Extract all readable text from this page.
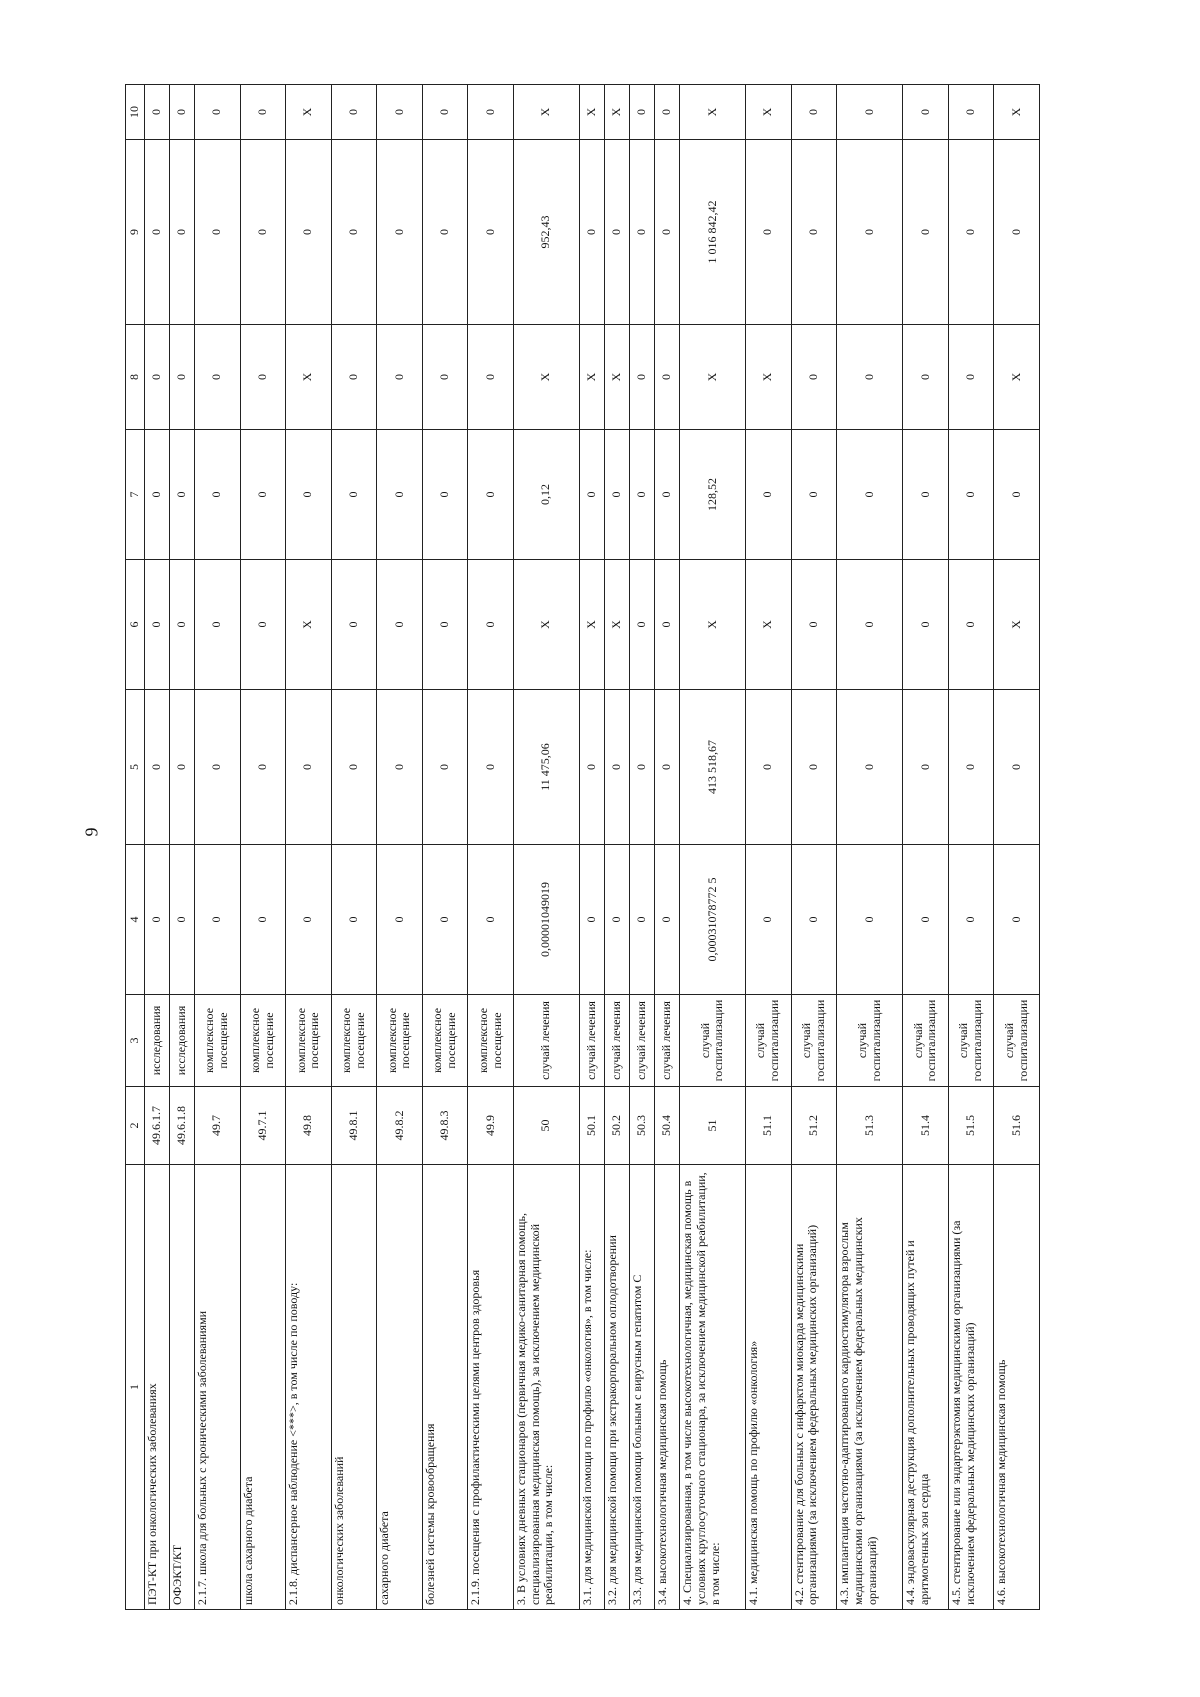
9
1	2	3	4	5	6	7	8	9	10
ПЭТ-КТ при онкологических заболеваниях	49.6.1.7	исследования	0	0	0	0	0	0	0
ОФЭКТ/КТ	49.6.1.8	исследования	0	0	0	0	0	0	0
2.1.7. школа для больных с хроническими заболеваниями	49.7	комплексное посещение	0	0	0	0	0	0	0
школа сахарного диабета	49.7.1	комплексное посещение	0	0	0	0	0	0	0
2.1.8. диспансерное наблюдение <***>, в том числе по поводу:	49.8	комплексное посещение	0	0	X	0	X	0	X
онкологических заболеваний	49.8.1	комплексное посещение	0	0	0	0	0	0	0
сахарного диабета	49.8.2	комплексное посещение	0	0	0	0	0	0	0
болезней системы кровообращения	49.8.3	комплексное посещение	0	0	0	0	0	0	0
2.1.9. посещения с профилактическими целями центров здоровья	49.9	комплексное посещение	0	0	0	0	0	0	0
3. В условиях дневных стационаров (первичная медико-санитарная помощь, специализированная медицинская помощь), за исключением медицинской реабилитации, в том числе:	50	случай лечения	0,00001049019	11 475,06	X	0,12	X	952,43	X
3.1. для медицинской помощи по профилю «онкология», в том числе:	50.1	случай лечения	0	0	X	0	X	0	X
3.2. для медицинской помощи при экстракорпоральном оплодотворении	50.2	случай лечения	0	0	X	0	X	0	X
3.3. для медицинской помощи больным с вирусным гепатитом С	50.3	случай лечения	0	0	0	0	0	0	0
3.4. высокотехнологичная медицинская помощь	50.4	случай лечения	0	0	0	0	0	0	0
4. Специализированная, в том числе высокотехнологичная, медицинская помощь в условиях круглосуточного стационара, за исключением медицинской реабилитации, в том числе:	51	случай госпитализации	0,00031078772 5	413 518,67	X	128,52	X	1 016 842,42	X
4.1. медицинская помощь по профилю «онкология»	51.1	случай госпитализации	0	0	X	0	X	0	X
4.2. стентирование для больных с инфарктом миокарда медицинскими организациями (за исключением федеральных медицинских организаций)	51.2	случай госпитализации	0	0	0	0	0	0	0
4.3. имплантация частотно-адаптированного кардиостимулятора взрослым медицинскими организациями (за исключением федеральных медицинских организаций)	51.3	случай госпитализации	0	0	0	0	0	0	0
4.4. эндоваскулярная деструкция дополнительных проводящих путей и аритмогенных зон сердца	51.4	случай госпитализации	0	0	0	0	0	0	0
4.5. стентирование или эндартерэктомия медицинскими организациями (за исключением федеральных медицинских организаций)	51.5	случай госпитализации	0	0	0	0	0	0	0
4.6. высокотехнологичная медицинская помощь	51.6	случай госпитализации	0	0	X	0	X	0	X
